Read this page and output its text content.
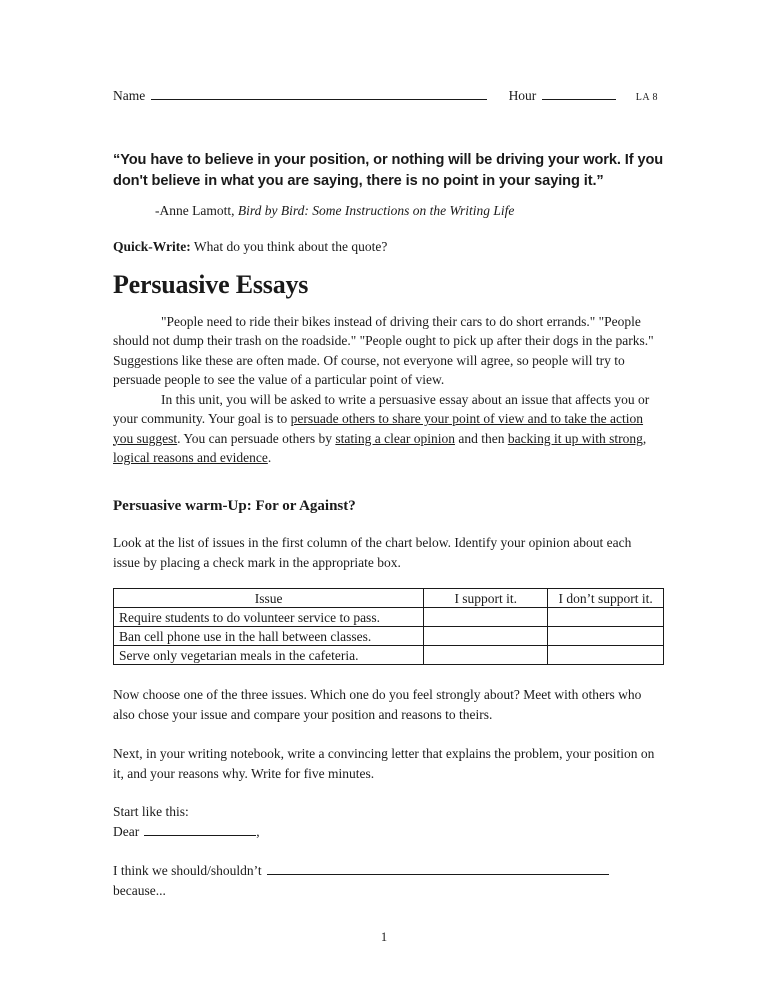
Name	Hour	LA 8
“You have to believe in your position, or nothing will be driving your work. If you don't believe in what you are saying, there is no point in your saying it.”
-Anne Lamott, Bird by Bird: Some Instructions on the Writing Life
Quick-Write: What do you think about the quote?
Persuasive Essays

"People need to ride their bikes instead of driving their cars to do short errands." "People should not dump their trash on the roadside." "People ought to pick up after their dogs in the parks." Suggestions like these are often made. Of course, not everyone will agree, so people will try to persuade people to see the value of a particular point of view.

In this unit, you will be asked to write a persuasive essay about an issue that affects you or your community. Your goal is to persuade others to share your point of view and to take the action you suggest. You can persuade others by stating a clear opinion and then backing it up with strong, logical reasons and evidence.

Persuasive warm-Up: For or Against?

Look at the list of issues in the first column of the chart below. Identify your opinion about each issue by placing a check mark in the appropriate box.

Issue	I support it.	I don’t support it.
Require students to do volunteer service to pass.		
Ban cell phone use in the hall between classes.		
Serve only vegetarian meals in the cafeteria.		

Now choose one of the three issues. Which one do you feel strongly about? Meet with others who also chose your issue and compare your position and reasons to theirs.

Next, in your writing notebook, write a convincing letter that explains the problem, your position on it, and your reasons why. Write for five minutes.

Start like this:
Dear	,
I think we should/shouldn’t
because...
1
